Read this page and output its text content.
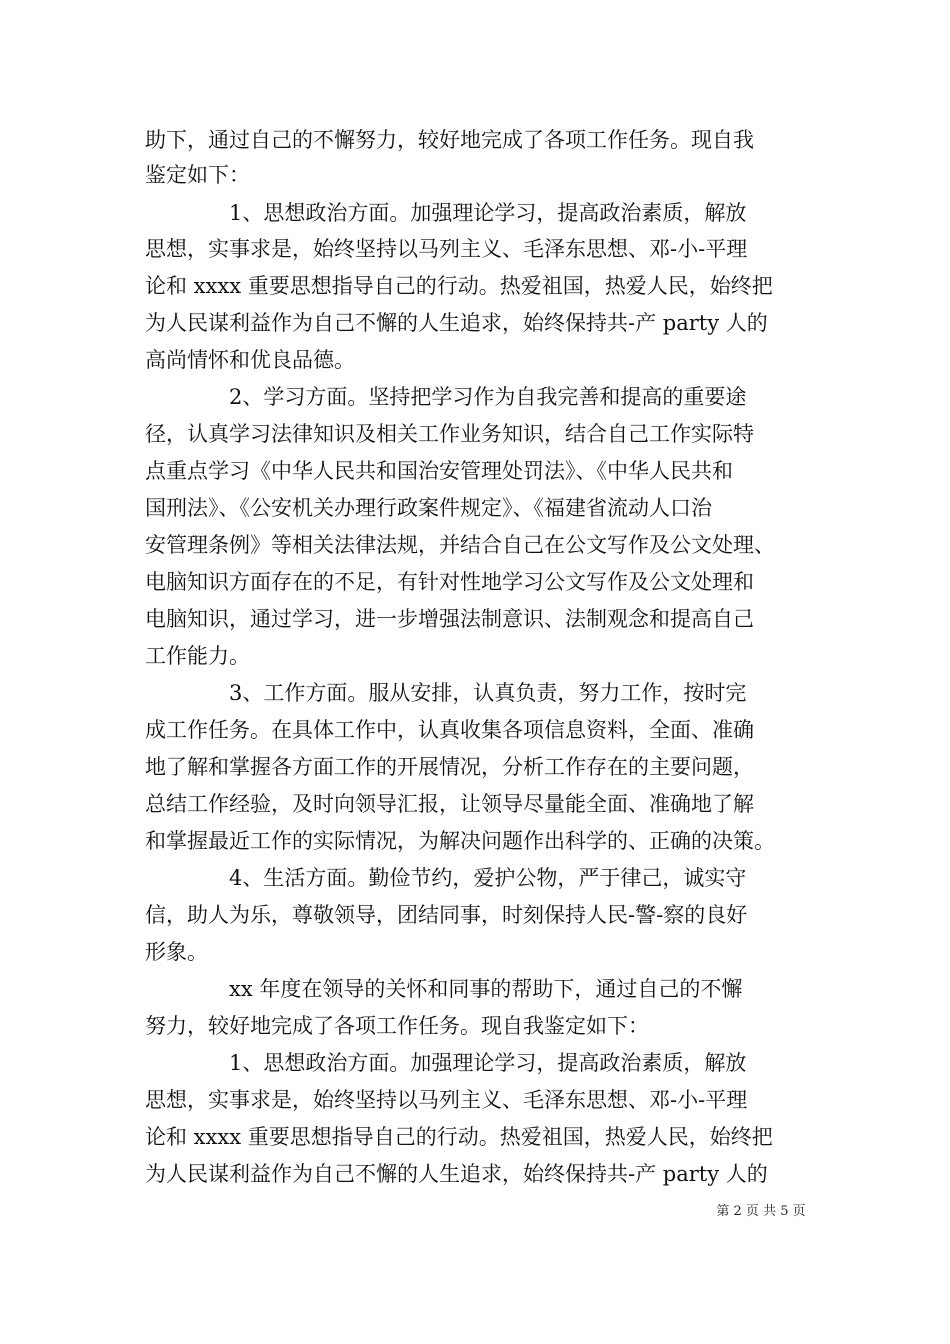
助下，通过自己的不懈努力，较好地完成了各项工作任务。现自我
鉴定如下：
　　　　1、思想政治方面。加强理论学习，提高政治素质，解放
思想，实事求是，始终坚持以马列主义、毛泽东思想、邓-小-平理
论和 xxxx 重要思想指导自己的行动。热爱祖国，热爱人民，始终把
为人民谋利益作为自己不懈的人生追求，始终保持共-产 party 人的
高尚情怀和优良品德。
　　　　2、学习方面。坚持把学习作为自我完善和提高的重要途
径，认真学习法律知识及相关工作业务知识，结合自己工作实际特
点重点学习《中华人民共和国治安管理处罚法》、《中华人民共和
国刑法》、《公安机关办理行政案件规定》、《福建省流动人口治
安管理条例》等相关法律法规，并结合自己在公文写作及公文处理、
电脑知识方面存在的不足，有针对性地学习公文写作及公文处理和
电脑知识，通过学习，进一步增强法制意识、法制观念和提高自己
工作能力。
　　　　3、工作方面。服从安排，认真负责，努力工作，按时完
成工作任务。在具体工作中，认真收集各项信息资料，全面、准确
地了解和掌握各方面工作的开展情况，分析工作存在的主要问题，
总结工作经验，及时向领导汇报，让领导尽量能全面、准确地了解
和掌握最近工作的实际情况，为解决问题作出科学的、正确的决策。
　　　　4、生活方面。勤俭节约，爱护公物，严于律己，诚实守
信，助人为乐，尊敬领导，团结同事，时刻保持人民-警-察的良好
形象。
　　　　xx 年度在领导的关怀和同事的帮助下，通过自己的不懈
努力，较好地完成了各项工作任务。现自我鉴定如下：
　　　　1、思想政治方面。加强理论学习，提高政治素质，解放
思想，实事求是，始终坚持以马列主义、毛泽东思想、邓-小-平理
论和 xxxx 重要思想指导自己的行动。热爱祖国，热爱人民，始终把
为人民谋利益作为自己不懈的人生追求，始终保持共-产 party 人的
第 2 页 共 5 页
